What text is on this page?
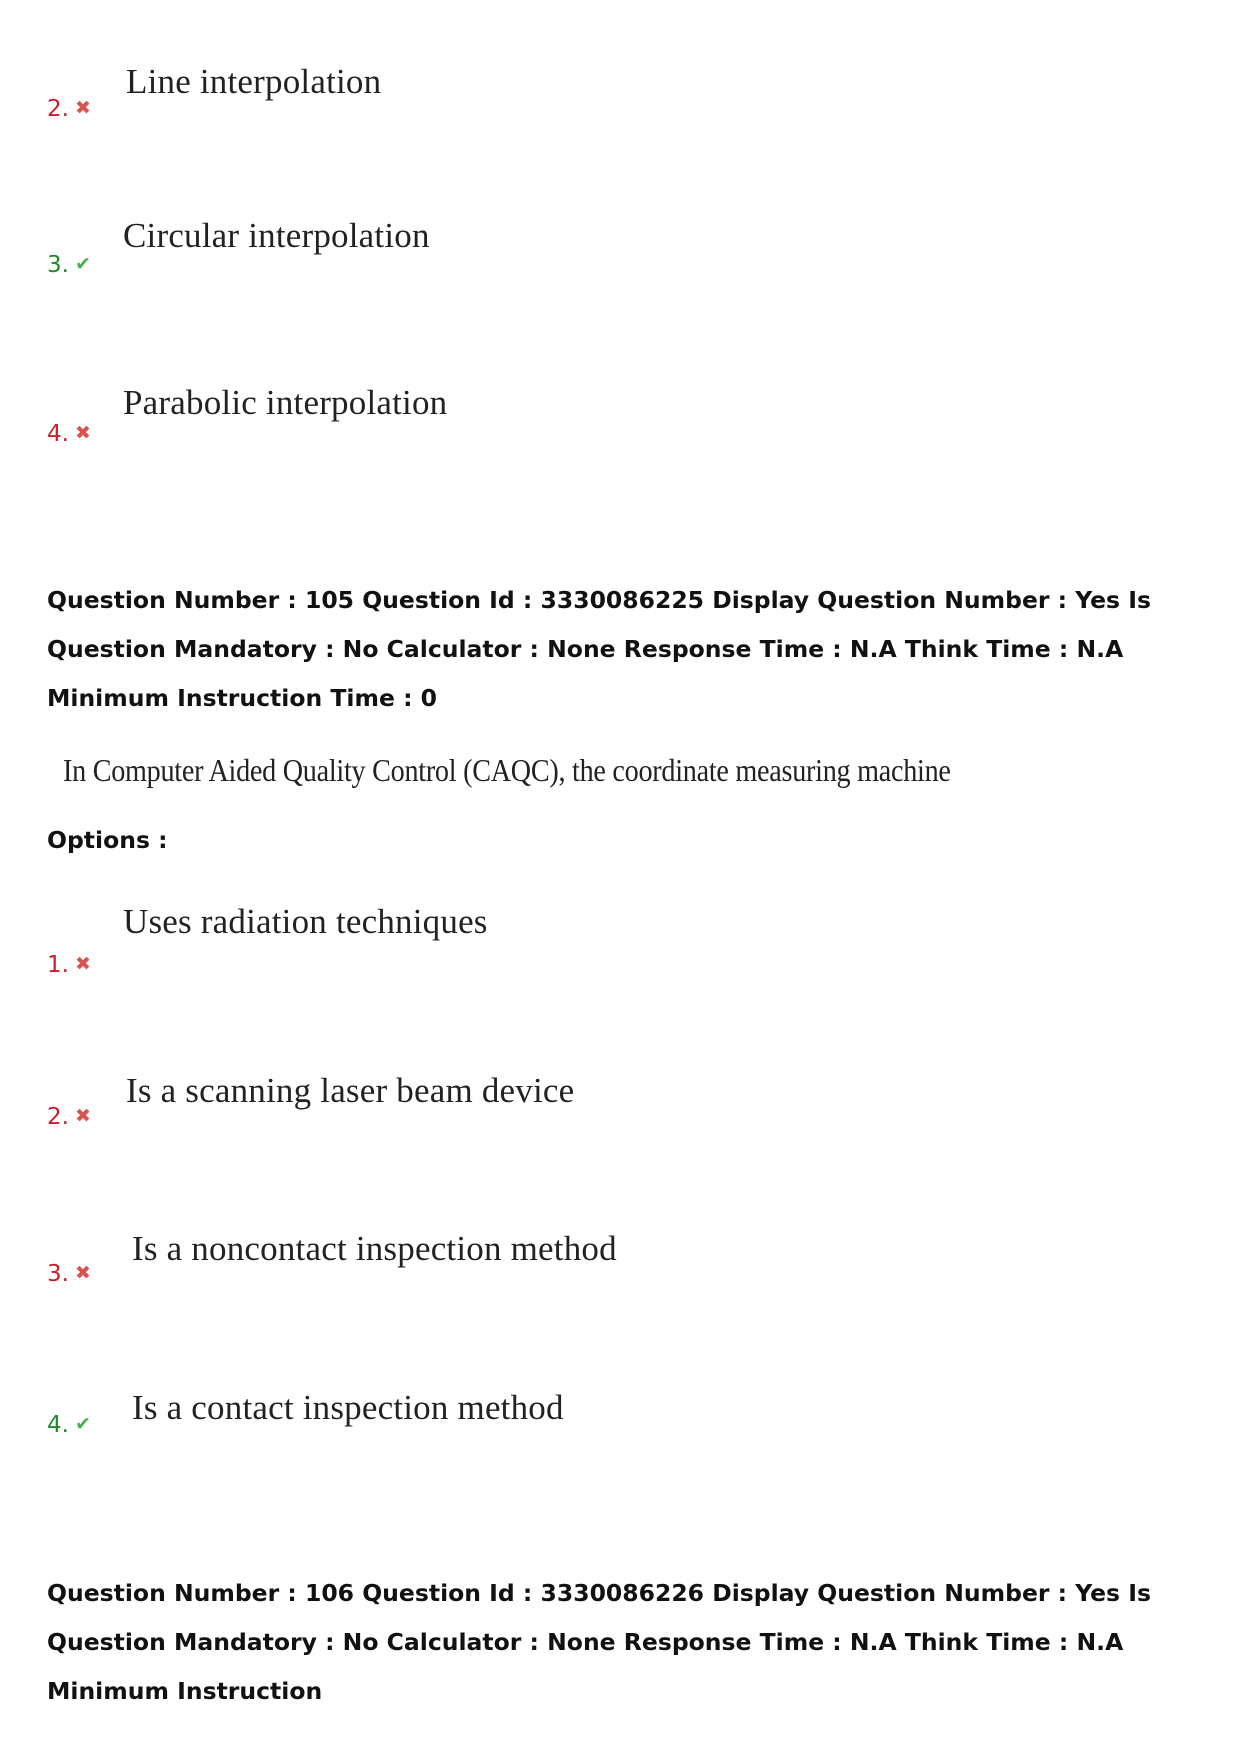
2. ✖
Line interpolation
3. ✔
Circular interpolation
4. ✖
Parabolic interpolation

Question Number : 105 Question Id : 3330086225 Display Question Number : Yes Is Question Mandatory : No Calculator : None Response Time : N.A Think Time : N.A Minimum Instruction Time : 0

In Computer Aided Quality Control (CAQC), the coordinate measuring machine
Options :
1. ✖
Uses radiation techniques
2. ✖
Is a scanning laser beam device
3. ✖
Is a noncontact inspection method
4. ✔ Is a contact inspection method

Question Number : 106 Question Id : 3330086226 Display Question Number : Yes Is Question Mandatory : No Calculator : None Response Time : N.A Think Time : N.A Minimum Instruction
